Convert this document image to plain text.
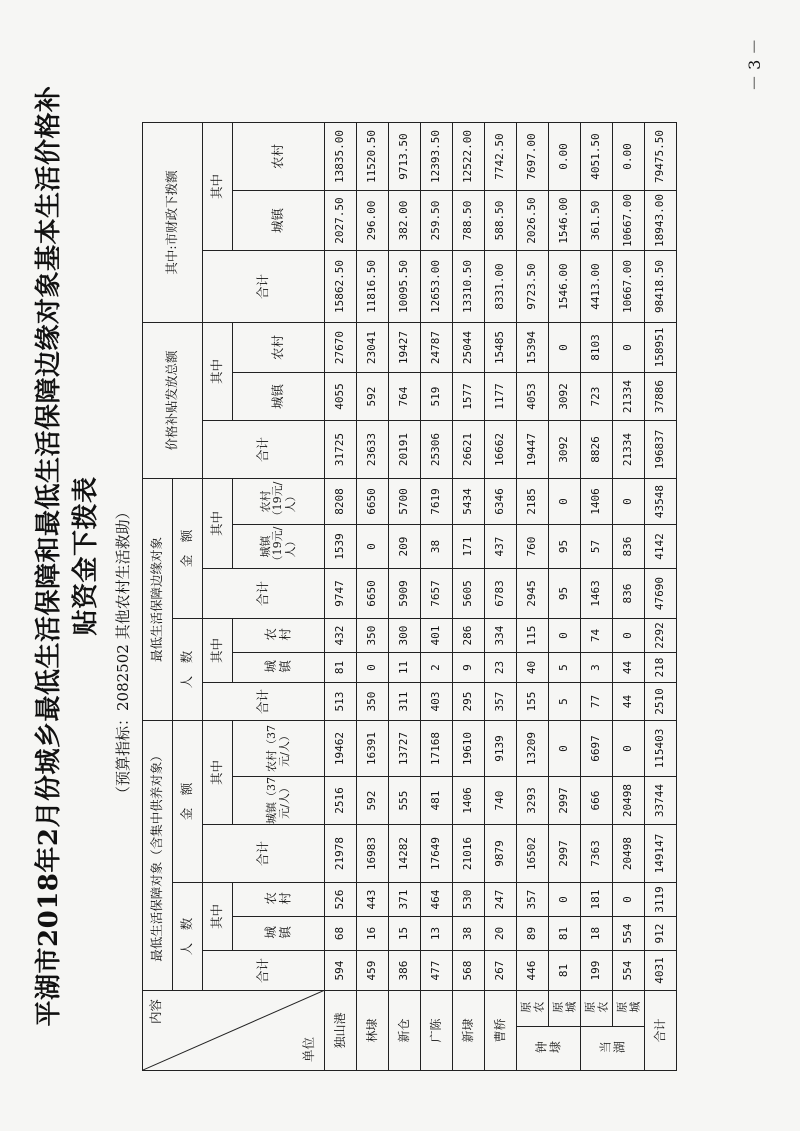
平湖市2018年2月份城乡最低生活保障和最低生活保障边缘对象基本生活价格补贴资金下拨表 （预算指标：2082502 其他农村生活救助）
内容
单位		最低生活保障对象（含集中供养对象）						最低生活保障边缘对象						价格补贴发放总额			其中:市财政下拨额		
		人　数			金　额			人　数			金　额								
		合计	其中		合计	其中		合计	其中		合计	其中		合计	其中		合计	其中	
			城镇	农村		城镇（37元/人）	农村（37元/人）		城镇	农村		城镇（19元/人）	农村（19元/人）		城镇	农村		城镇	农村
独山港		594	68	526	21978	2516	19462	513	81	432	9747	1539	8208	31725	4055	27670	15862.50	2027.50	13835.00
林埭		459	16	443	16983	592	16391	350	0	350	6650	0	6650	23633	592	23041	11816.50	296.00	11520.50
新仓		386	15	371	14282	555	13727	311	11	300	5909	209	5700	20191	764	19427	10095.50	382.00	9713.50
广陈		477	13	464	17649	481	17168	403	2	401	7657	38	7619	25306	519	24787	12653.00	259.50	12393.50
新埭		568	38	530	21016	1406	19610	295	9	286	5605	171	5434	26621	1577	25044	13310.50	788.50	12522.00
曹桥		267	20	247	9879	740	9139	357	23	334	6783	437	6346	16662	1177	15485	8331.00	588.50	7742.50
钟埭	原农	446	89	357	16502	3293	13209	155	40	115	2945	760	2185	19447	4053	15394	9723.50	2026.50	7697.00
	原城	81	81	0	2997	2997	0	5	5	0	95	95	0	3092	3092	0	1546.00	1546.00	0.00
当湖	原农	199	18	181	7363	666	6697	77	3	74	1463	57	1406	8826	723	8103	4413.00	361.50	4051.50
	原城	554	554	0	20498	20498	0	44	44	0	836	836	0	21334	21334	0	10667.00	10667.00	0.00
合计		4031	912	3119	149147	33744	115403	2510	218	2292	47690	4142	43548	196837	37886	158951	98418.50	18943.00	79475.50
－ 3 －
